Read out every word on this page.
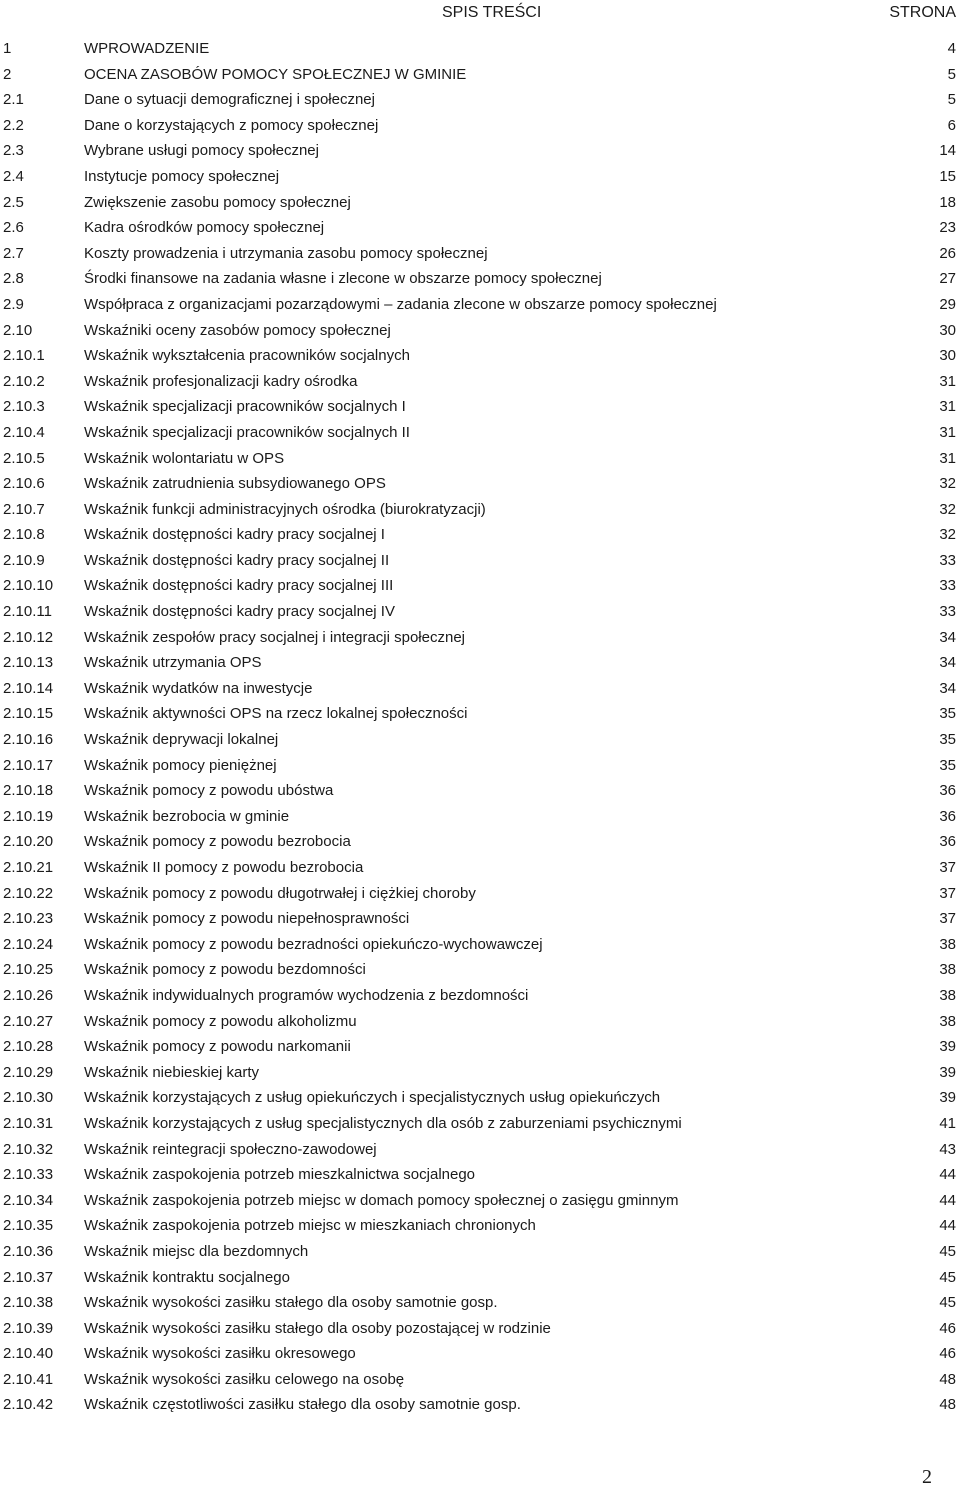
SPIS TREŚCI	STRONA
1	WPROWADZENIE	4
2	OCENA ZASOBÓW POMOCY SPOŁECZNEJ W GMINIE	5
2.1	Dane o sytuacji demograficznej i społecznej	5
2.2	Dane o korzystających z pomocy społecznej	6
2.3	Wybrane usługi pomocy społecznej	14
2.4	Instytucje pomocy społecznej	15
2.5	Zwiększenie zasobu pomocy społecznej	18
2.6	Kadra ośrodków pomocy społecznej	23
2.7	Koszty prowadzenia i utrzymania zasobu pomocy społecznej	26
2.8	Środki finansowe na zadania własne i zlecone w obszarze pomocy społecznej	27
2.9	Współpraca z organizacjami pozarządowymi – zadania zlecone w obszarze pomocy społecznej	29
2.10	Wskaźniki oceny zasobów pomocy społecznej	30
2.10.1	Wskaźnik wykształcenia pracowników socjalnych	30
2.10.2	Wskaźnik profesjonalizacji kadry ośrodka	31
2.10.3	Wskaźnik specjalizacji pracowników socjalnych I	31
2.10.4	Wskaźnik specjalizacji pracowników socjalnych II	31
2.10.5	Wskaźnik wolontariatu w OPS	31
2.10.6	Wskaźnik zatrudnienia subsydiowanego OPS	32
2.10.7	Wskaźnik funkcji administracyjnych ośrodka (biurokratyzacji)	32
2.10.8	Wskaźnik dostępności kadry pracy socjalnej I	32
2.10.9	Wskaźnik dostępności kadry pracy socjalnej II	33
2.10.10 Wskaźnik dostępności kadry pracy socjalnej III	33
2.10.11 Wskaźnik dostępności kadry pracy socjalnej IV	33
2.10.12 Wskaźnik zespołów pracy socjalnej i integracji społecznej	34
2.10.13 Wskaźnik utrzymania OPS	34
2.10.14 Wskaźnik wydatków na inwestycje	34
2.10.15 Wskaźnik aktywności OPS na rzecz lokalnej społeczności	35
2.10.16 Wskaźnik deprywacji lokalnej	35
2.10.17 Wskaźnik pomocy pieniężnej	35
2.10.18 Wskaźnik pomocy z powodu ubóstwa	36
2.10.19 Wskaźnik bezrobocia w gminie	36
2.10.20 Wskaźnik pomocy z powodu bezrobocia	36
2.10.21 Wskaźnik II pomocy z powodu bezrobocia	37
2.10.22 Wskaźnik pomocy z powodu długotrwałej i ciężkiej choroby	37
2.10.23 Wskaźnik pomocy z powodu niepełnosprawności	37
2.10.24 Wskaźnik pomocy z powodu bezradności opiekuńczo-wychowawczej	38
2.10.25 Wskaźnik pomocy z powodu bezdomności	38
2.10.26 Wskaźnik indywidualnych programów wychodzenia z bezdomności	38
2.10.27 Wskaźnik pomocy z powodu alkoholizmu	38
2.10.28 Wskaźnik pomocy z powodu narkomanii	39
2.10.29 Wskaźnik niebieskiej karty	39
2.10.30 Wskaźnik korzystających z usług opiekuńczych i specjalistycznych usług opiekuńczych	39
2.10.31 Wskaźnik korzystających z usług specjalistycznych dla osób z zaburzeniami psychicznymi	41
2.10.32 Wskaźnik reintegracji społeczno-zawodowej	43
2.10.33 Wskaźnik zaspokojenia potrzeb mieszkalnictwa socjalnego	44
2.10.34 Wskaźnik zaspokojenia potrzeb miejsc w domach pomocy społecznej o zasięgu gminnym	44
2.10.35 Wskaźnik zaspokojenia potrzeb miejsc w mieszkaniach chronionych	44
2.10.36 Wskaźnik miejsc dla bezdomnych	45
2.10.37 Wskaźnik kontraktu socjalnego	45
2.10.38 Wskaźnik wysokości zasiłku stałego dla osoby samotnie gosp.	45
2.10.39 Wskaźnik wysokości zasiłku stałego dla osoby pozostającej w rodzinie	46
2.10.40 Wskaźnik wysokości zasiłku okresowego	46
2.10.41 Wskaźnik wysokości zasiłku celowego na osobę	48
2.10.42 Wskaźnik częstotliwości zasiłku stałego dla osoby samotnie gosp.	48
2
